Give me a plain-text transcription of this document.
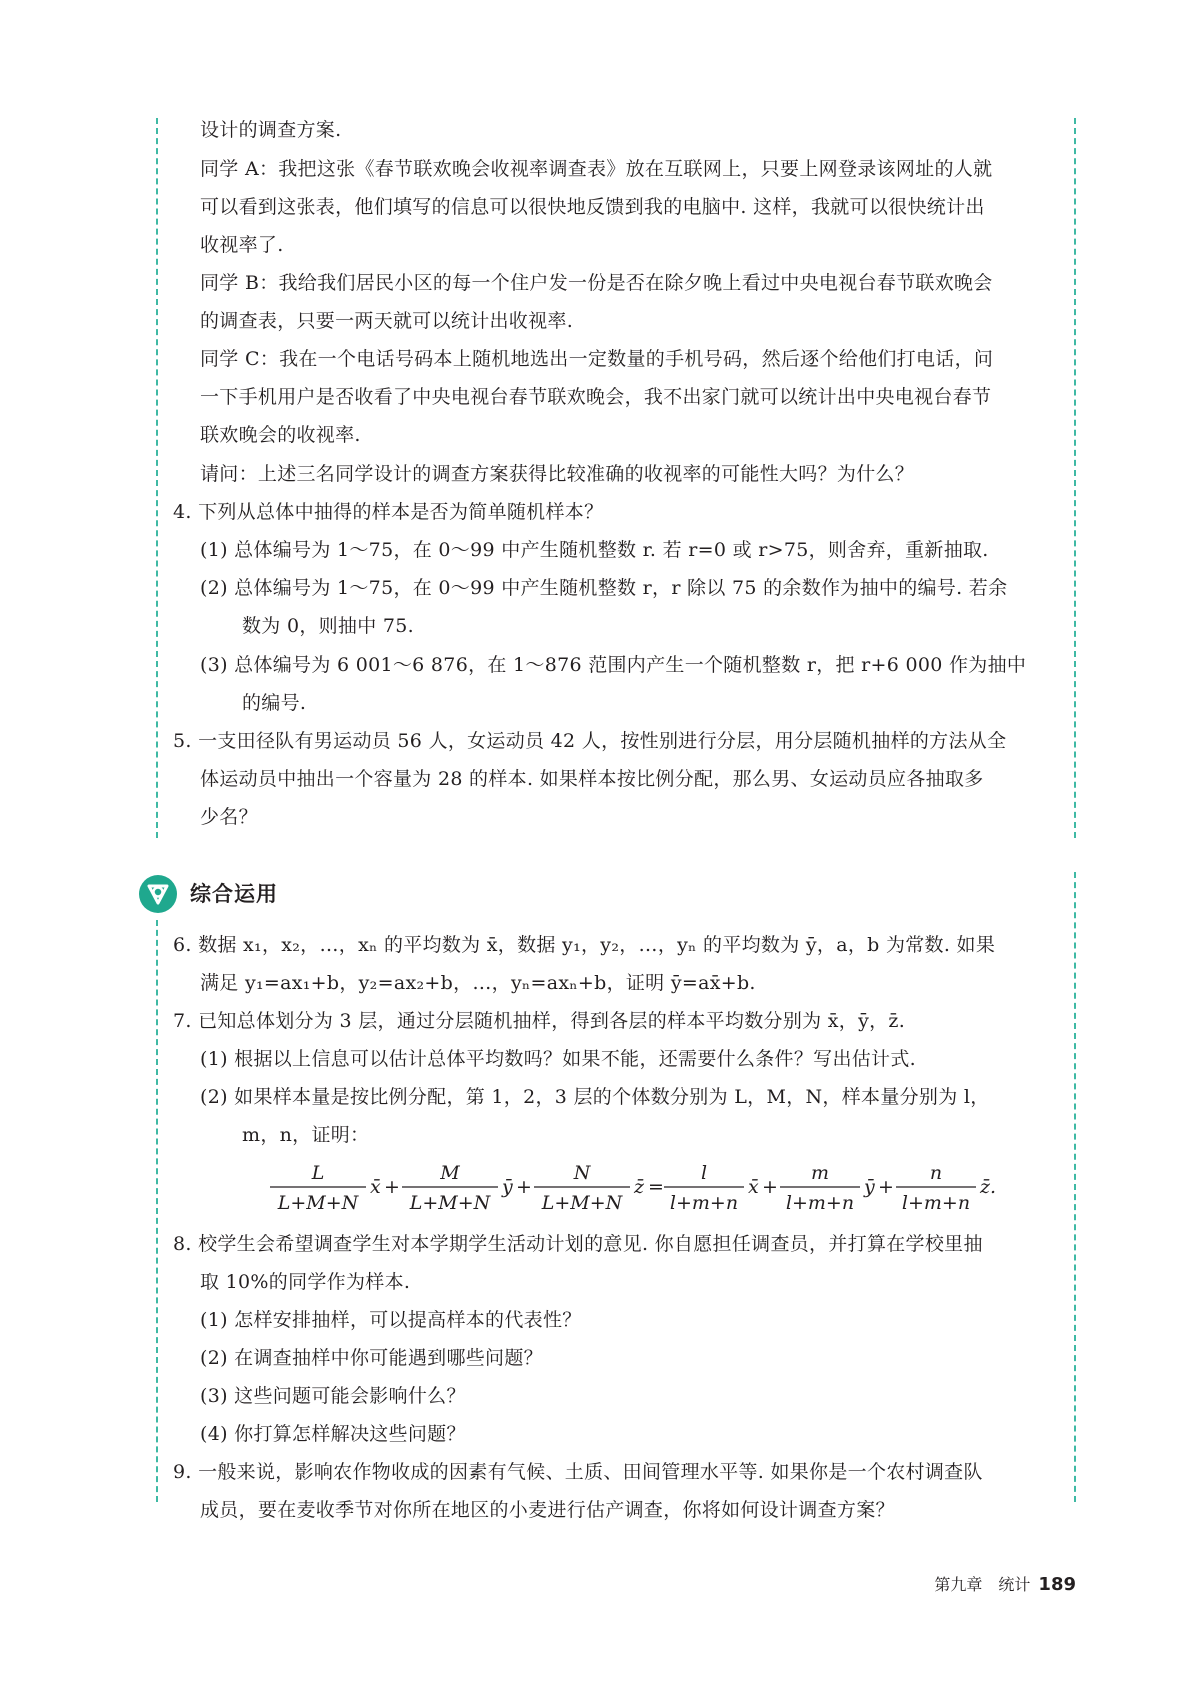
设计的调查方案.
同学 A：我把这张《春节联欢晚会收视率调查表》放在互联网上，只要上网登录该网址的人就
可以看到这张表，他们填写的信息可以很快地反馈到我的电脑中. 这样，我就可以很快统计出
收视率了.
同学 B：我给我们居民小区的每一个住户发一份是否在除夕晚上看过中央电视台春节联欢晚会
的调查表，只要一两天就可以统计出收视率.
同学 C：我在一个电话号码本上随机地选出一定数量的手机号码，然后逐个给他们打电话，问
一下手机用户是否收看了中央电视台春节联欢晚会，我不出家门就可以统计出中央电视台春节
联欢晚会的收视率.
请问：上述三名同学设计的调查方案获得比较准确的收视率的可能性大吗？为什么？
4. 下列从总体中抽得的样本是否为简单随机样本？
(1) 总体编号为 1～75，在 0～99 中产生随机整数 r. 若 r=0 或 r>75，则舍弃，重新抽取.
(2) 总体编号为 1～75，在 0～99 中产生随机整数 r，r 除以 75 的余数作为抽中的编号. 若余
数为 0，则抽中 75.
(3) 总体编号为 6 001～6 876，在 1～876 范围内产生一个随机整数 r，把 r+6 000 作为抽中
的编号.
5. 一支田径队有男运动员 56 人，女运动员 42 人，按性别进行分层，用分层随机抽样的方法从全
体运动员中抽出一个容量为 28 的样本. 如果样本按比例分配，那么男、女运动员应各抽取多
少名？
综合运用
6. 数据 x₁，x₂，…，xₙ 的平均数为 x̄，数据 y₁，y₂，…，yₙ 的平均数为 ȳ，a，b 为常数. 如果
满足 y₁=ax₁+b，y₂=ax₂+b，…，yₙ=axₙ+b，证明 ȳ=ax̄+b.
7. 已知总体划分为 3 层，通过分层随机抽样，得到各层的样本平均数分别为 x̄，ȳ，z̄.
(1) 根据以上信息可以估计总体平均数吗？如果不能，还需要什么条件？写出估计式.
(2) 如果样本量是按比例分配，第 1，2，3 层的个体数分别为 L，M，N，样本量分别为 l，
m，n，证明：
L
L+M+N
x̄ +
M
L+M+N
ȳ +
N
L+M+N
z̄ =
l
l+m+n
x̄ +
m
l+m+n
ȳ +
n
l+m+n
z̄.
8. 校学生会希望调查学生对本学期学生活动计划的意见. 你自愿担任调查员，并打算在学校里抽
取 10%的同学作为样本.
(1) 怎样安排抽样，可以提高样本的代表性？
(2) 在调查抽样中你可能遇到哪些问题？
(3) 这些问题可能会影响什么？
(4) 你打算怎样解决这些问题？
9. 一般来说，影响农作物收成的因素有气候、土质、田间管理水平等. 如果你是一个农村调查队
成员，要在麦收季节对你所在地区的小麦进行估产调查，你将如何设计调查方案？
第九章　统计 189
